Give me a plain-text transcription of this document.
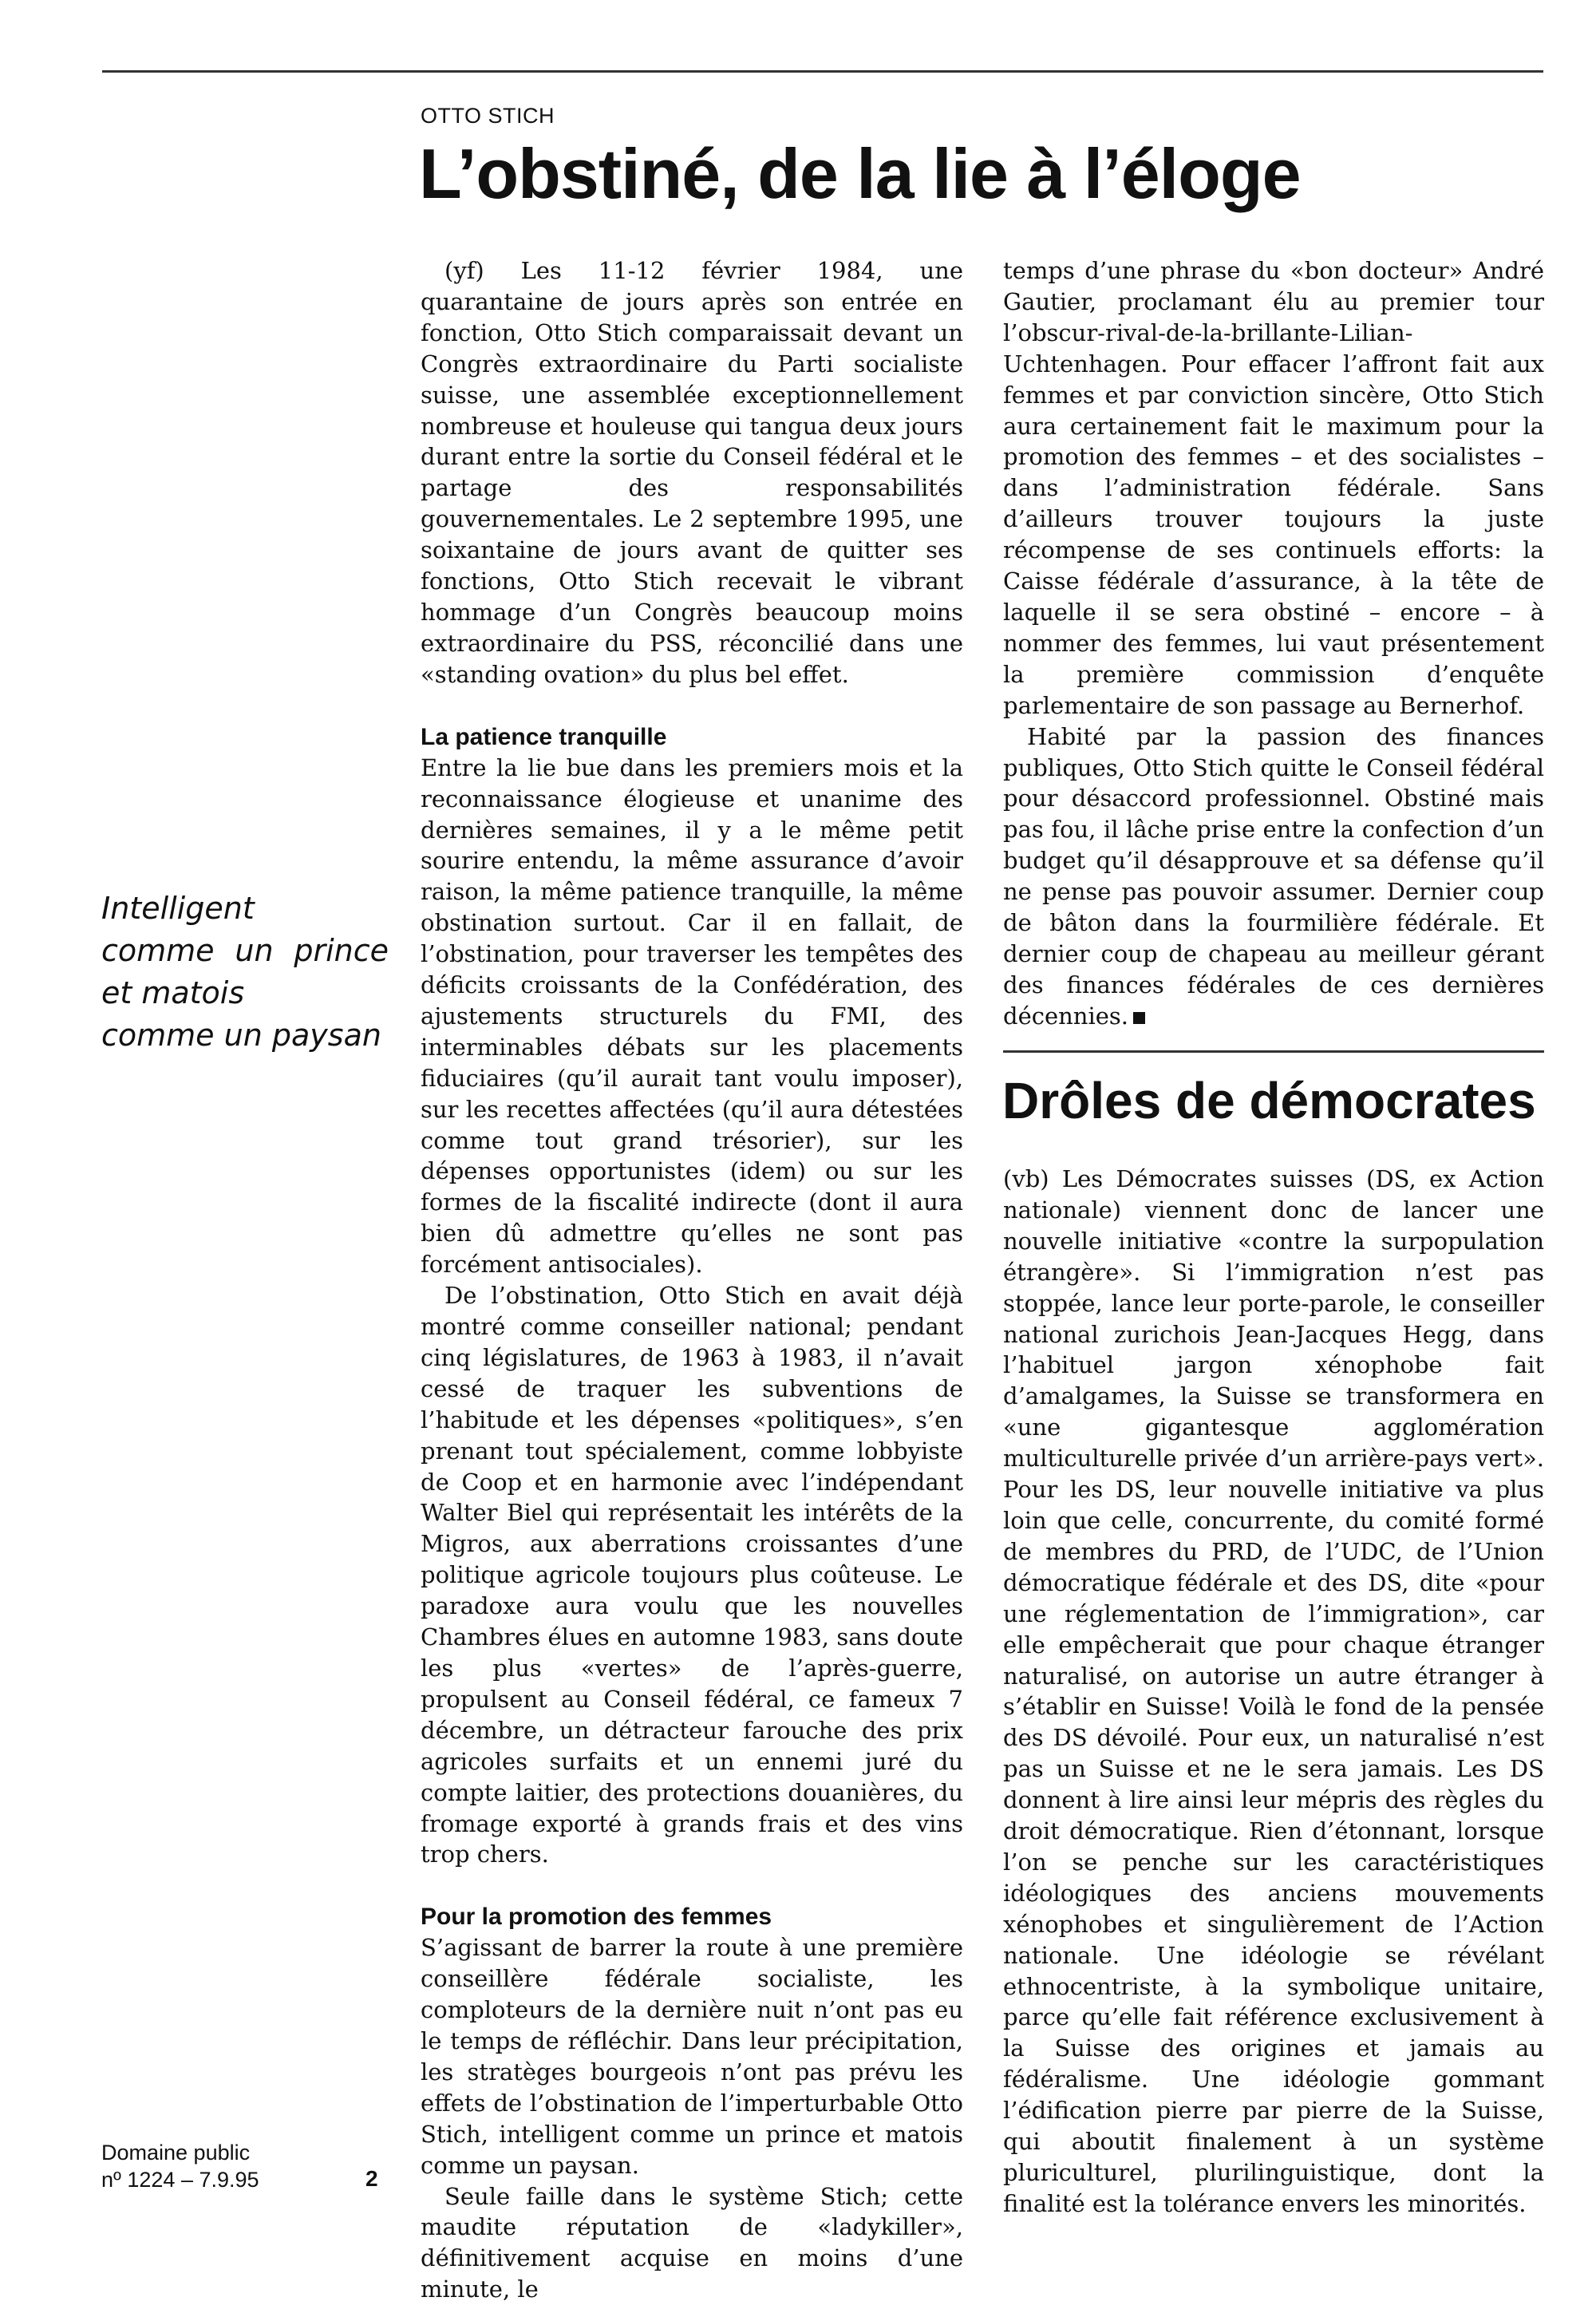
OTTO STICH
L’obstiné, de la lie à l’éloge
Intelligent
comme un prince
et matois
comme un paysan

(yf) Les 11-12 février 1984, une quarantaine de jours après son entrée en fonction, Otto Stich comparaissait devant un Congrès extraordinaire du Parti socialiste suisse, une assemblée exceptionnellement nombreuse et houleuse qui tangua deux jours durant entre la sortie du Conseil fédéral et le partage des responsabilités gouvernementales. Le 2 septembre 1995, une soixantaine de jours avant de quitter ses fonctions, Otto Stich recevait le vibrant hommage d’un Congrès beaucoup moins extraordinaire du PSS, réconcilié dans une «standing ovation» du plus bel effet.

La patience tranquille

Entre la lie bue dans les premiers mois et la reconnaissance élogieuse et unanime des dernières semaines, il y a le même petit sourire entendu, la même assurance d’avoir raison, la même patience tranquille, la même obstination surtout. Car il en fallait, de l’obstination, pour traverser les tempêtes des déficits croissants de la Confédération, des ajustements structurels du FMI, des interminables débats sur les placements fiduciaires (qu’il aurait tant voulu imposer), sur les recettes affectées (qu’il aura détestées comme tout grand trésorier), sur les dépenses opportunistes (idem) ou sur les formes de la fiscalité indirecte (dont il aura bien dû admettre qu’elles ne sont pas forcément antisociales).

De l’obstination, Otto Stich en avait déjà montré comme conseiller national; pendant cinq législatures, de 1963 à 1983, il n’avait cessé de traquer les subventions de l’habitude et les dépenses «politiques», s’en prenant tout spécialement, comme lobbyiste de Coop et en harmonie avec l’indépendant Walter Biel qui représentait les intérêts de la Migros, aux aberrations croissantes d’une politique agricole toujours plus coûteuse. Le paradoxe aura voulu que les nouvelles Chambres élues en automne 1983, sans doute les plus «vertes» de l’après-guerre, propulsent au Conseil fédéral, ce fameux 7 décembre, un détracteur farouche des prix agricoles surfaits et un ennemi juré du compte laitier, des protections douanières, du fromage exporté à grands frais et des vins trop chers.

Pour la promotion des femmes

S’agissant de barrer la route à une première conseillère fédérale socialiste, les comploteurs de la dernière nuit n’ont pas eu le temps de réfléchir. Dans leur précipitation, les stratèges bourgeois n’ont pas prévu les effets de l’obstination de l’imperturbable Otto Stich, intelligent comme un prince et matois comme un paysan.

Seule faille dans le système Stich; cette maudite réputation de «ladykiller», définitivement acquise en moins d’une minute, le

temps d’une phrase du «bon docteur» André Gautier, proclamant élu au premier tour l’obscur-rival-de-la-brillante-Lilian-Uchtenhagen. Pour effacer l’affront fait aux femmes et par conviction sincère, Otto Stich aura certainement fait le maximum pour la promotion des femmes – et des socialistes – dans l’administration fédérale. Sans d’ailleurs trouver toujours la juste récompense de ses continuels efforts: la Caisse fédérale d’assurance, à la tête de laquelle il se sera obstiné – encore – à nommer des femmes, lui vaut présentement la première commission d’enquête parlementaire de son passage au Bernerhof.

Habité par la passion des finances publiques, Otto Stich quitte le Conseil fédéral pour désaccord professionnel. Obstiné mais pas fou, il lâche prise entre la confection d’un budget qu’il désapprouve et sa défense qu’il ne pense pas pouvoir assumer. Dernier coup de bâton dans la fourmilière fédérale. Et dernier coup de chapeau au meilleur gérant des finances fédérales de ces dernières décennies.

Drôles de démocrates

(vb) Les Démocrates suisses (DS, ex Action nationale) viennent donc de lancer une nouvelle initiative «contre la surpopulation étrangère». Si l’immigration n’est pas stoppée, lance leur porte-parole, le conseiller national zurichois Jean-Jacques Hegg, dans l’habituel jargon xénophobe fait d’amalgames, la Suisse se transformera en «une gigantesque agglomération multiculturelle privée d’un arrière-pays vert». Pour les DS, leur nouvelle initiative va plus loin que celle, concurrente, du comité formé de membres du PRD, de l’UDC, de l’Union démocratique fédérale et des DS, dite «pour une réglementation de l’immigration», car elle empêcherait que pour chaque étranger naturalisé, on autorise un autre étranger à s’établir en Suisse! Voilà le fond de la pensée des DS dévoilé. Pour eux, un naturalisé n’est pas un Suisse et ne le sera jamais. Les DS donnent à lire ainsi leur mépris des règles du droit démocratique. Rien d’étonnant, lorsque l’on se penche sur les caractéristiques idéologiques des anciens mouvements xénophobes et singulièrement de l’Action nationale. Une idéologie se révélant ethnocentriste, à la symbolique unitaire, parce qu’elle fait référence exclusivement à la Suisse des origines et jamais au fédéralisme. Une idéologie gommant l’édification pierre par pierre de la Suisse, qui aboutit finalement à un système pluriculturel, plurilinguistique, dont la finalité est la tolérance envers les minorités.

Domaine public
nº 1224 – 7.9.95	2
